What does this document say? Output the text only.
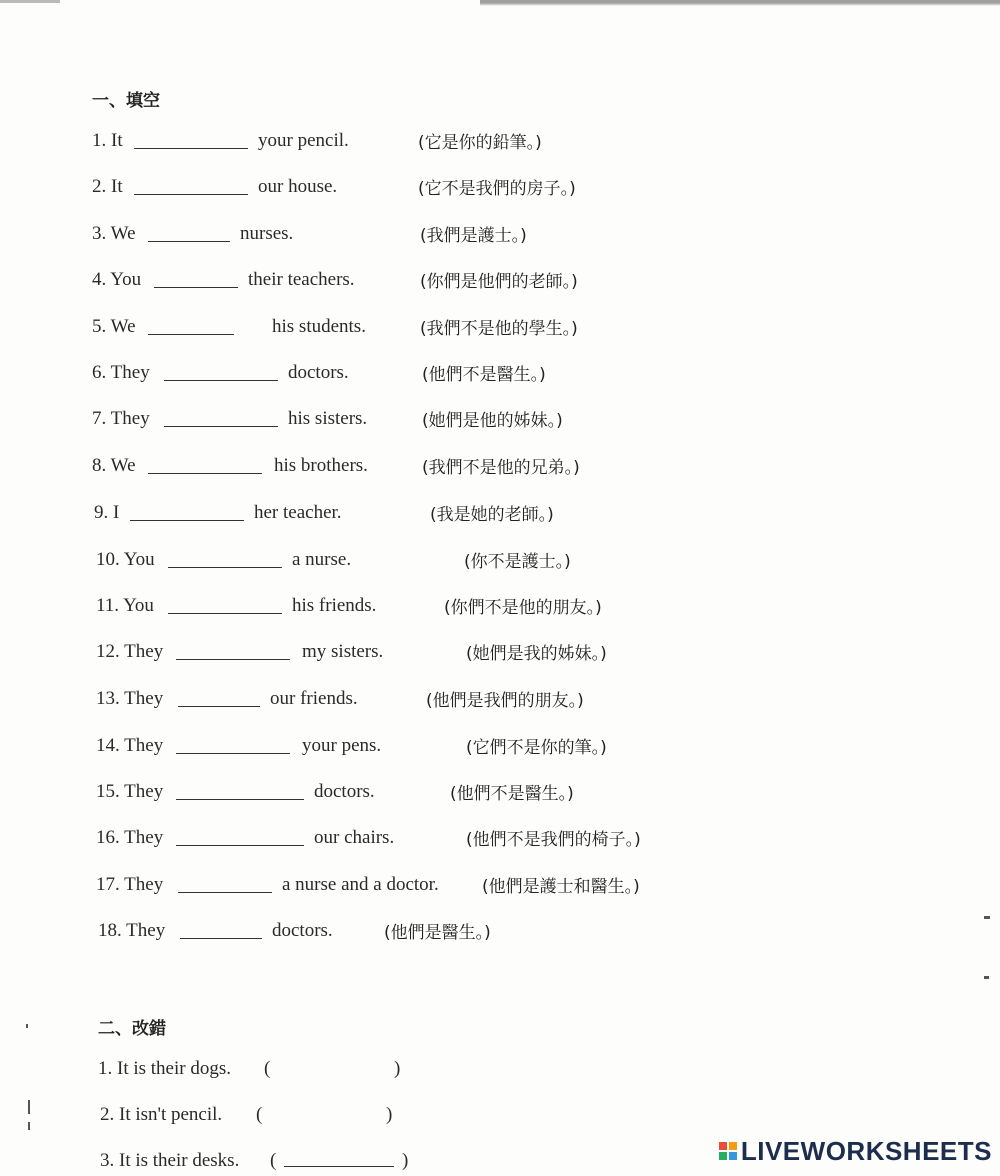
一、填空
1. It	your pencil.	(它是你的鉛筆。)
2. It	our house.	(它不是我們的房子。)
3. We	nurses.	(我們是護士。)
4. You	their teachers.	(你們是他們的老師。)
5. We	his students.	(我們不是他的學生。)
6. They	doctors.	(他們不是醫生。)
7. They	his sisters.	(她們是他的姊妹。)
8. We	his brothers.	(我們不是他的兄弟。)
9. I	her teacher.	(我是她的老師。)
10. You	a nurse.	(你不是護士。)
11. You	his friends.	(你們不是他的朋友。)
12. They	my sisters.	(她們是我的姊妹。)
13. They	our friends.	(他們是我們的朋友。)
14. They	your pens.	(它們不是你的筆。)
15. They	doctors.	(他們不是醫生。)
16. They	our chairs.	(他們不是我們的椅子。)
17. They	a nurse and a doctor.	(他們是護士和醫生。)
18. They	doctors.	(他們是醫生。)
二、改錯
1. It is their dogs. (	)
2. It isn't pencil. (	)
3. It is their desks. (	)	LIVEWORKSHEETS
